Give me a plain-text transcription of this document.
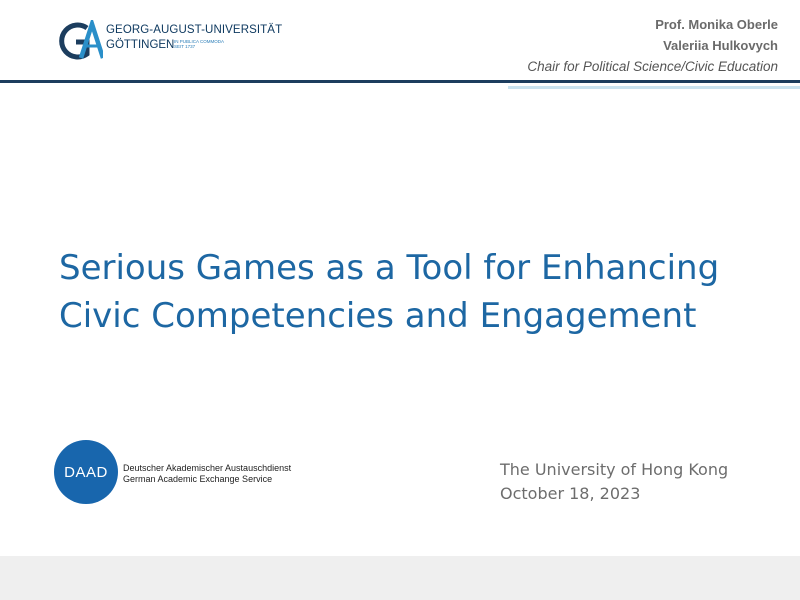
GEORG-AUGUST-UNIVERSITÄT
GÖTTINGEN IN PUBLICA COMMODA
SEIT 1737
Prof. Monika Oberle
Valeriia Hulkovych
Chair for Political Science/Civic Education
Serious Games as a Tool for Enhancing
Civic Competencies and Engagement
DAAD Deutscher Akademischer Austauschdienst
German Academic Exchange Service	The University of Hong Kong
October 18, 2023
